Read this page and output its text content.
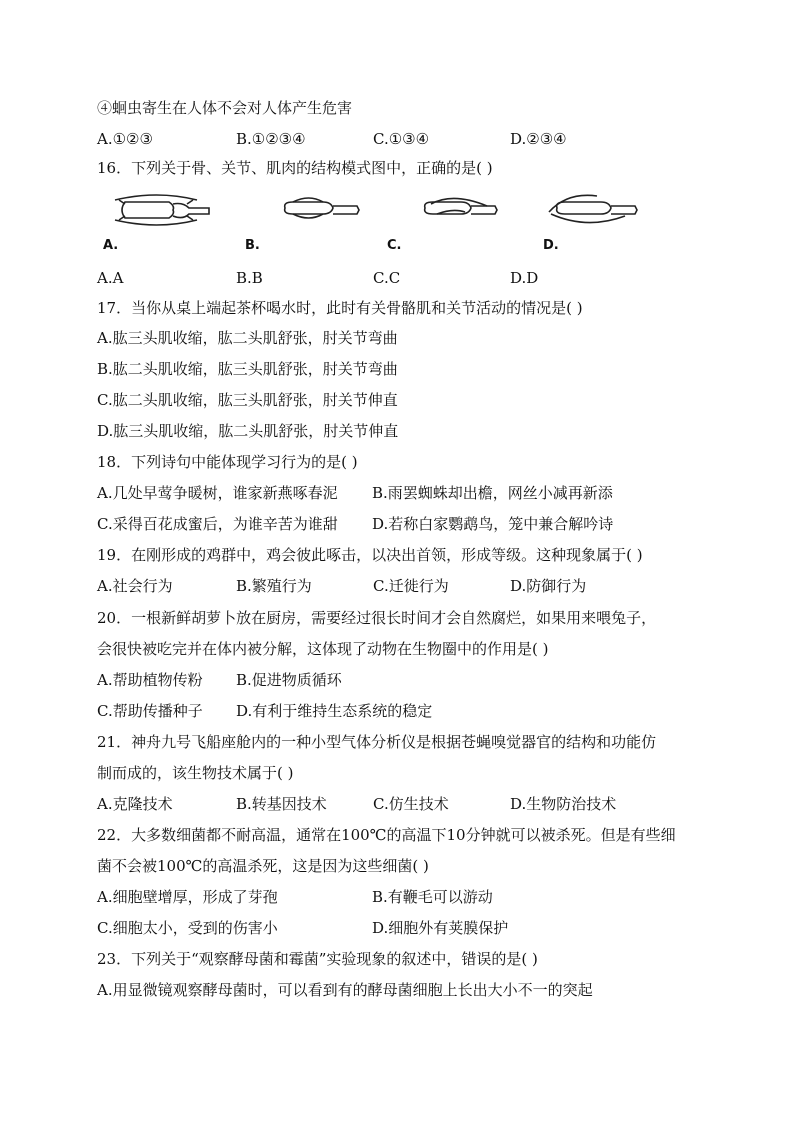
④蛔虫寄生在人体不会对人体产生危害
A.①②③	B.①②③④	C.①③④	D.②③④
16．下列关于骨、关节、肌肉的结构模式图中，正确的是( )
A.	B.	C.	D.
A.A	B.B	C.C	D.D
17．当你从桌上端起茶杯喝水时，此时有关骨骼肌和关节活动的情况是( )
A.肱三头肌收缩，肱二头肌舒张，肘关节弯曲
B.肱二头肌收缩，肱三头肌舒张，肘关节弯曲
C.肱二头肌收缩，肱三头肌舒张，肘关节伸直
D.肱三头肌收缩，肱二头肌舒张，肘关节伸直
18．下列诗句中能体现学习行为的是( )
A.几处早莺争暖树，谁家新燕啄春泥 B.雨罢蜘蛛却出檐，网丝小减再新添
C.采得百花成蜜后，为谁辛苦为谁甜 D.若称白家鹦鹉鸟，笼中兼合解吟诗
19．在刚形成的鸡群中，鸡会彼此啄击，以决出首领，形成等级。这种现象属于( )
A.社会行为	B.繁殖行为	C.迁徙行为	D.防御行为
20．一根新鲜胡萝卜放在厨房，需要经过很长时间才会自然腐烂，如果用来喂兔子，
会很快被吃完并在体内被分解，这体现了动物在生物圈中的作用是( )
A.帮助植物传粉 B.促进物质循环
C.帮助传播种子 D.有利于维持生态系统的稳定
21．神舟九号飞船座舱内的一种小型气体分析仪是根据苍蝇嗅觉器官的结构和功能仿
制而成的，该生物技术属于( )
A.克隆技术	B.转基因技术	C.仿生技术	D.生物防治技术
22．大多数细菌都不耐高温，通常在100℃的高温下10分钟就可以被杀死。但是有些细
菌不会被100℃的高温杀死，这是因为这些细菌( )
A.细胞壁增厚，形成了芽孢	B.有鞭毛可以游动
C.细胞太小，受到的伤害小	D.细胞外有荚膜保护
23．下列关于“观察酵母菌和霉菌”实验现象的叙述中，错误的是( )
A.用显微镜观察酵母菌时，可以看到有的酵母菌细胞上长出大小不一的突起
